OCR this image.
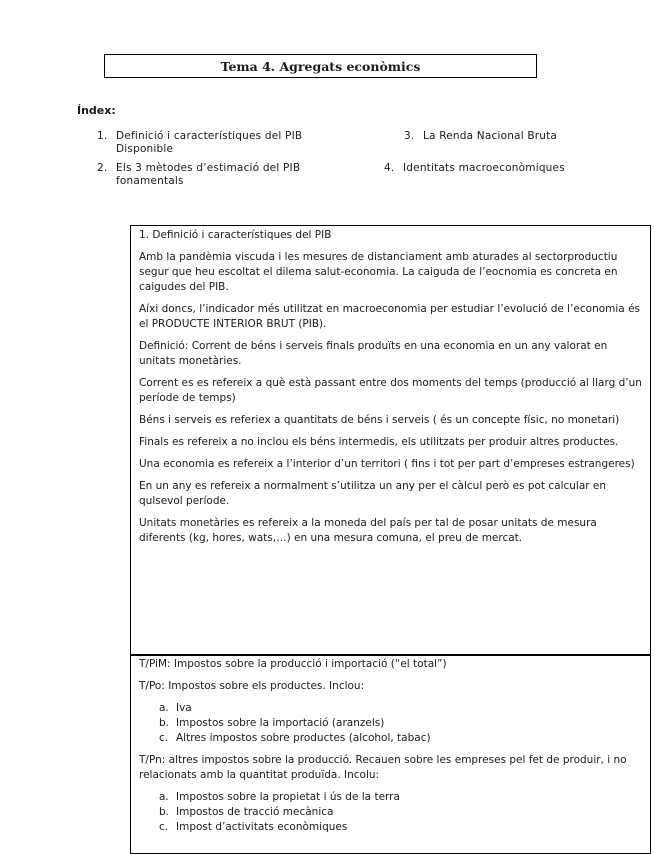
Tema 4. Agregats econòmics
Índex:
1. Definició i característiques del PIB
Disponible
3. La Renda Nacional Bruta
2. Els 3 mètodes d’estimació del PIB
fonamentals
4. Identitats macroeconòmiques

1. Definició i característiques del PIB

Amb la pandèmia viscuda i les mesures de distanciament amb aturades al sectorproductiu segur que heu escoltat el dilema salut-economia. La caiguda de l’eocnomia es concreta en caigudes del PIB.

Aíxi doncs, l’indicador més utilitzat en macroeconomia per estudiar l’evolució de l’economia és el PRODUCTE INTERIOR BRUT (PIB).

Definició: Corrent de béns i serveis finals produïts en una economia en un any valorat en unitats monetàries.

Corrent es es refereix a què està passant entre dos moments del temps (producció al llarg d’un període de temps)

Béns i serveis es referiex a quantitats de béns i serveis ( és un concepte físic, no monetari)

Finals es refereix a no inclou els béns intermedis, els utilitzats per produir altres productes.

Una economia es refereix a l’interior d’un territori ( fins i tot per part d’empreses estrangeres)

En un any es refereix a normalment s’utilitza un any per el càlcul però es pot calcular en qulsevol període.

Unitats monetàries es refereix a la moneda del país per tal de posar unitats de mesura diferents (kg, hores, wats,…) en una mesura comuna, el preu de mercat.

T/PiM: Impostos sobre la producció i importació (“el total”)

T/Po: Impostos sobre els productes. Inclou:

a. Iva
b. Impostos sobre la importació (aranzels)
c. Altres impostos sobre productes (alcohol, tabac)

T/Pn: altres impostos sobre la producció. Recauen sobre les empreses pel fet de produir, i no relacionats amb la quantitat produïda. Incolu:

a. Impostos sobre la propietat i ús de la terra
b. Impostos de tracció mecànica
c. Impost d’activitats econòmiques
